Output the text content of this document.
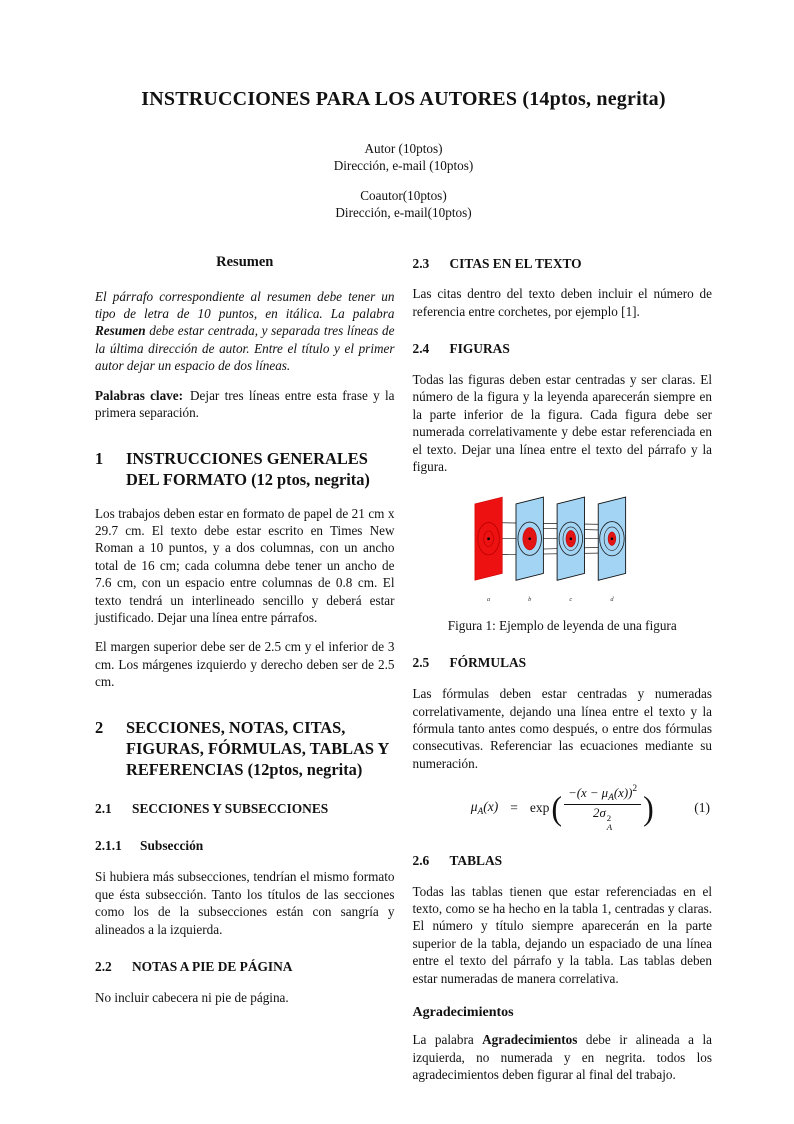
INSTRUCCIONES PARA LOS AUTORES (14ptos, negrita)
Autor (10ptos)
Dirección, e-mail (10ptos)
Coautor(10ptos)
Dirección, e-mail(10ptos)
Resumen

El párrafo correspondiente al resumen debe tener un tipo de letra de 10 puntos, en itálica. La palabra Resumen debe estar centrada, y separada tres líneas de la última dirección de autor. Entre el título y el primer autor dejar un espacio de dos líneas.

Palabras clave: Dejar tres líneas entre esta frase y la primera separación.

1	INSTRUCCIONES GENERALES DEL FORMATO (12 ptos, negrita)

Los trabajos deben estar en formato de papel de 21 cm x 29.7 cm. El texto debe estar escrito en Times New Roman a 10 puntos, y a dos columnas, con un ancho total de 16 cm; cada columna debe tener un ancho de 7.6 cm, con un espacio entre columnas de 0.8 cm. El texto tendrá un interlineado sencillo y deberá estar justificado. Dejar una línea entre párrafos.

El margen superior debe ser de 2.5 cm y el inferior de 3 cm. Los márgenes izquierdo y derecho deben ser de 2.5 cm.

2	SECCIONES, NOTAS, CITAS, FIGURAS, FÓRMULAS, TABLAS Y REFERENCIAS (12ptos, negrita)
2.1	SECCIONES Y SUBSECCIONES
2.1.1	Subsección

Si hubiera más subsecciones, tendrían el mismo formato que ésta subsección. Tanto los títulos de las secciones como los de la subsecciones están con sangría y alineados a la izquierda.

2.2	NOTAS A PIE DE PÁGINA

No incluir cabecera ni pie de página.

2.3	CITAS EN EL TEXTO

Las citas dentro del texto deben incluir el número de referencia entre corchetes, por ejemplo [1].

2.4	FIGURAS

Todas las figuras deben estar centradas y ser claras. El número de la figura y la leyenda aparecerán siempre en la parte inferior de la figura. Cada figura debe ser numerada correlativamente y debe estar referenciada en el texto. Dejar una línea entre el texto del párrafo y la figura.

a	b	c	d
Figura 1: Ejemplo de leyenda de una figura
2.5	FÓRMULAS

Las fórmulas deben estar centradas y numeradas correlativamente, dejando una línea entre el texto y la fórmula tanto antes como después, o entre dos fórmulas consecutivas. Referenciar las ecuaciones mediante su numeración.

$\mu_A(x) = \exp$ ( $-(x - \mu_A(x))^2$
2σ 2
A )	(1)
2.6	TABLAS

Todas las tablas tienen que estar referenciadas en el texto, como se ha hecho en la tabla 1, centradas y claras. El número y título siempre aparecerán en la parte superior de la tabla, dejando un espaciado de una línea entre el texto del párrafo y la tabla. Las tablas deben estar numeradas de manera correlativa.

Agradecimientos

La palabra Agradecimientos debe ir alineada a la izquierda, no numerada y en negrita. todos los agradecimientos deben figurar al final del trabajo.
